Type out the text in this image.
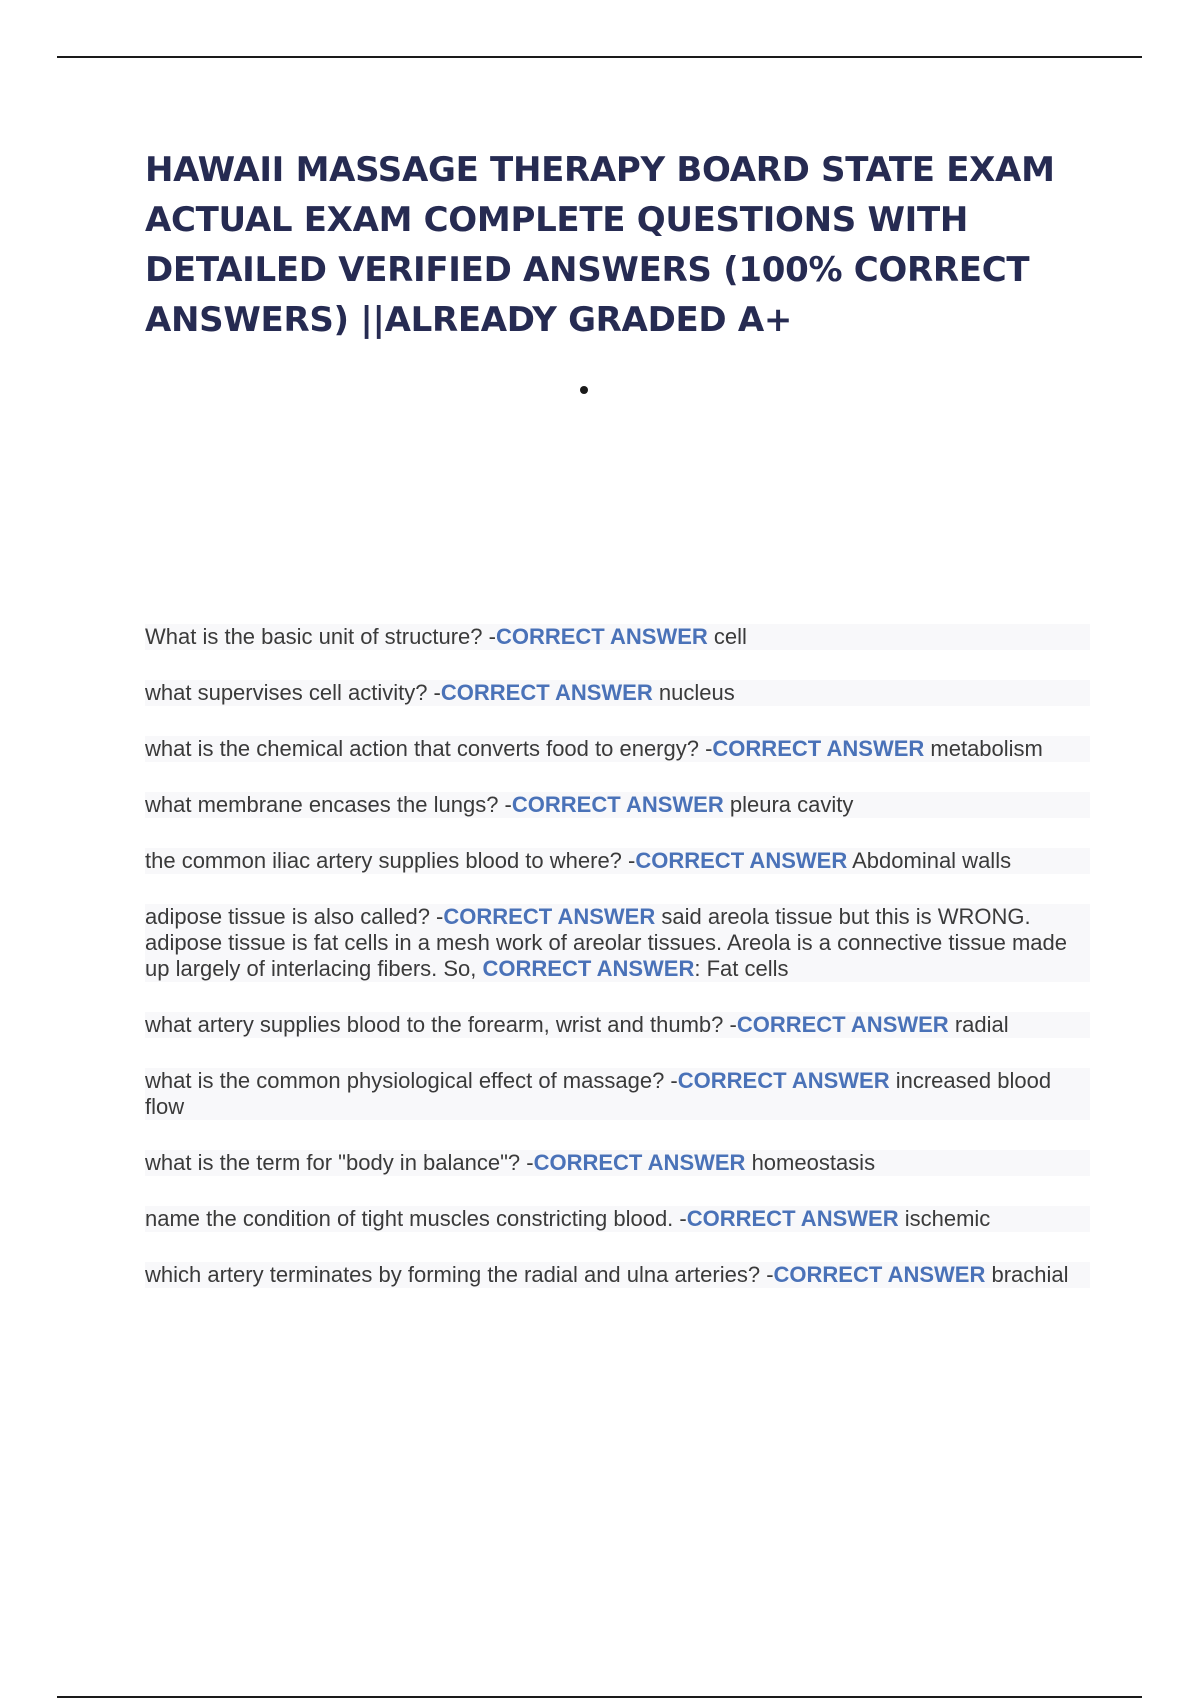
HAWAII MASSAGE THERAPY BOARD STATE EXAM ACTUAL EXAM COMPLETE QUESTIONS WITH DETAILED VERIFIED ANSWERS (100% CORRECT ANSWERS) ||ALREADY GRADED A+
What is the basic unit of structure? -CORRECT ANSWER cell
what supervises cell activity? -CORRECT ANSWER nucleus
what is the chemical action that converts food to energy? -CORRECT ANSWER metabolism
what membrane encases the lungs? -CORRECT ANSWER pleura cavity
the common iliac artery supplies blood to where? -CORRECT ANSWER Abdominal walls
adipose tissue is also called? -CORRECT ANSWER said areola tissue but this is WRONG. adipose tissue is fat cells in a mesh work of areolar tissues. Areola is a connective tissue made up largely of interlacing fibers. So, CORRECT ANSWER: Fat cells
what artery supplies blood to the forearm, wrist and thumb? -CORRECT ANSWER radial
what is the common physiological effect of massage? -CORRECT ANSWER increased blood flow
what is the term for "body in balance"? -CORRECT ANSWER homeostasis
name the condition of tight muscles constricting blood. -CORRECT ANSWER ischemic
which artery terminates by forming the radial and ulna arteries? -CORRECT ANSWER brachial
